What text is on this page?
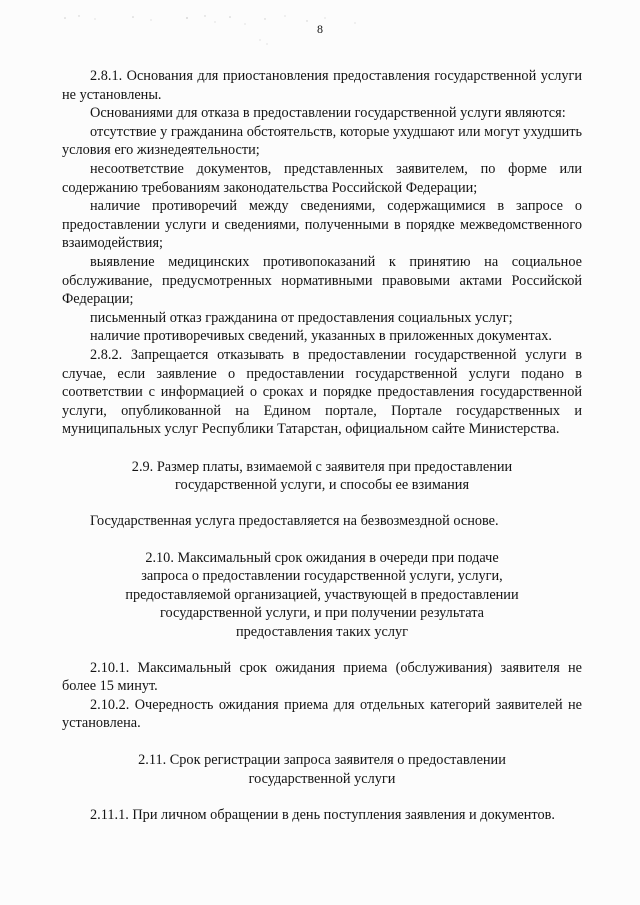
8

2.8.1. Основания для приостановления предоставления государственной услуги не установлены.

Основаниями для отказа в предоставлении государственной услуги являются:

отсутствие у гражданина обстоятельств, которые ухудшают или могут ухудшить условия его жизнедеятельности;

несоответствие документов, представленных заявителем, по форме или содержанию требованиям законодательства Российской Федерации;

наличие противоречий между сведениями, содержащимися в запросе о предоставлении услуги и сведениями, полученными в порядке межведомственного взаимодействия;

выявление медицинских противопоказаний к принятию на социальное обслуживание, предусмотренных нормативными правовыми актами Российской Федерации;

письменный отказ гражданина от предоставления социальных услуг;

наличие противоречивых сведений, указанных в приложенных документах.

2.8.2. Запрещается отказывать в предоставлении государственной услуги в случае, если заявление о предоставлении государственной услуги подано в соответствии с информацией о сроках и порядке предоставления государственной услуги, опубликованной на Едином портале, Портале государственных и муниципальных услуг Республики Татарстан, официальном сайте Министерства.

2.9. Размер платы, взимаемой с заявителя при предоставлении
государственной услуги, и способы ее взимания

Государственная услуга предоставляется на безвозмездной основе.

2.10. Максимальный срок ожидания в очереди при подаче
запроса о предоставлении государственной услуги, услуги,
предоставляемой организацией, участвующей в предоставлении
государственной услуги, и при получении результата
предоставления таких услуг

2.10.1. Максимальный срок ожидания приема (обслуживания) заявителя не более 15 минут.

2.10.2. Очередность ожидания приема для отдельных категорий заявителей не установлена.

2.11. Срок регистрации запроса заявителя о предоставлении
государственной услуги

2.11.1. При личном обращении в день поступления заявления и документов.
